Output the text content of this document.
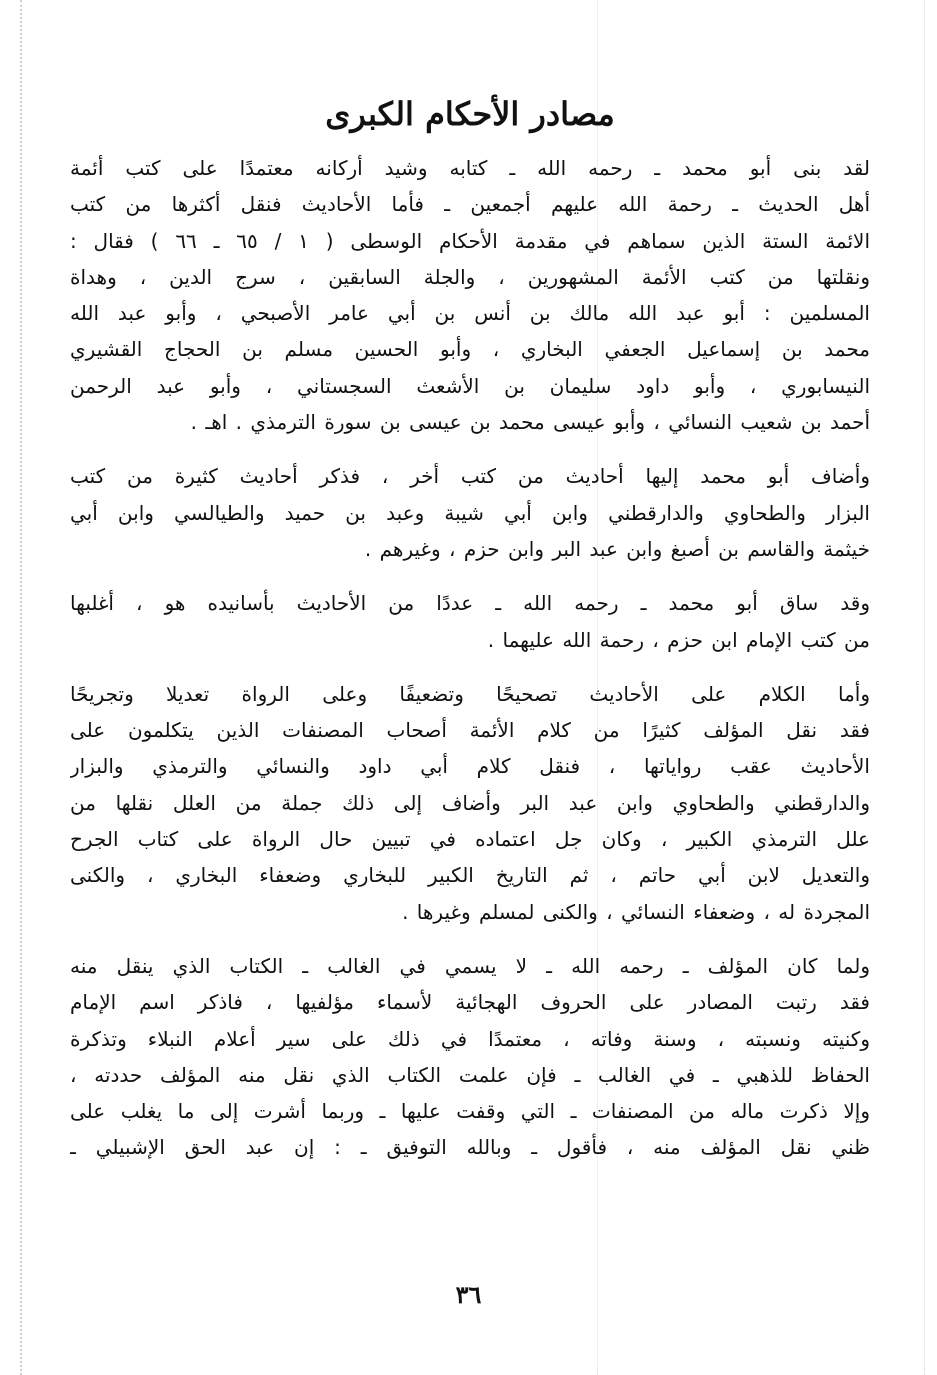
مصادر الأحكام الكبرى
لقد بنى أبو محمد ـ رحمه الله ـ كتابه وشيد أركانه معتمدًا على كتب أئمة
أهل الحديث ـ رحمة الله عليهم أجمعين ـ فأما الأحاديث فنقل أكثرها من كتب
الائمة الستة الذين سماهم في مقدمة الأحكام الوسطى ( ١ / ٦٥ ـ ٦٦ ) فقال :
ونقلتها من كتب الأئمة المشهورين ، والجلة السابقين ، سرج الدين ، وهداة
المسلمين : أبو عبد الله مالك بن أنس بن أبي عامر الأصبحي ، وأبو عبد الله
محمد بن إسماعيل الجعفي البخاري ، وأبو الحسين مسلم بن الحجاج القشيري
النيسابوري ، وأبو داود سليمان بن الأشعث السجستاني ، وأبو عبد الرحمن
أحمد بن شعيب النسائي ، وأبو عيسى محمد بن عيسى بن سورة الترمذي . اهـ .
وأضاف أبو محمد إليها أحاديث من كتب أخر ، فذكر أحاديث كثيرة من كتب
البزار والطحاوي والدارقطني وابن أبي شيبة وعبد بن حميد والطيالسي وابن أبي
خيثمة والقاسم بن أصبغ وابن عبد البر وابن حزم ، وغيرهم .
وقد ساق أبو محمد ـ رحمه الله ـ عددًا من الأحاديث بأسانيده هو ، أغلبها
من كتب الإمام ابن حزم ، رحمة الله عليهما .
وأما الكلام على الأحاديث تصحيحًا وتضعيفًا وعلى الرواة تعديلا وتجريحًا
فقد نقل المؤلف كثيرًا من كلام الأئمة أصحاب المصنفات الذين يتكلمون على
الأحاديث عقب رواياتها ، فنقل كلام أبي داود والنسائي والترمذي والبزار
والدارقطني والطحاوي وابن عبد البر وأضاف إلى ذلك جملة من العلل نقلها من
علل الترمذي الكبير ، وكان جل اعتماده في تبيين حال الرواة على كتاب الجرح
والتعديل لابن أبي حاتم ، ثم التاريخ الكبير للبخاري وضعفاء البخاري ، والكنى
المجردة له ، وضعفاء النسائي ، والكنى لمسلم وغيرها .
ولما كان المؤلف ـ رحمه الله ـ لا يسمي في الغالب ـ الكتاب الذي ينقل منه
فقد رتبت المصادر على الحروف الهجائية لأسماء مؤلفيها ، فاذكر اسم الإمام
وكنيته ونسبته ، وسنة وفاته ، معتمدًا في ذلك على سير أعلام النبلاء وتذكرة
الحفاظ للذهبي ـ في الغالب ـ فإن علمت الكتاب الذي نقل منه المؤلف حددته ،
وإلا ذكرت ماله من المصنفات ـ التي وقفت عليها ـ وربما أشرت إلى ما يغلب على
ظني نقل المؤلف منه ، فأقول ـ وبالله التوفيق ـ : إن عبد الحق الإشبيلي ـ
٣٦
